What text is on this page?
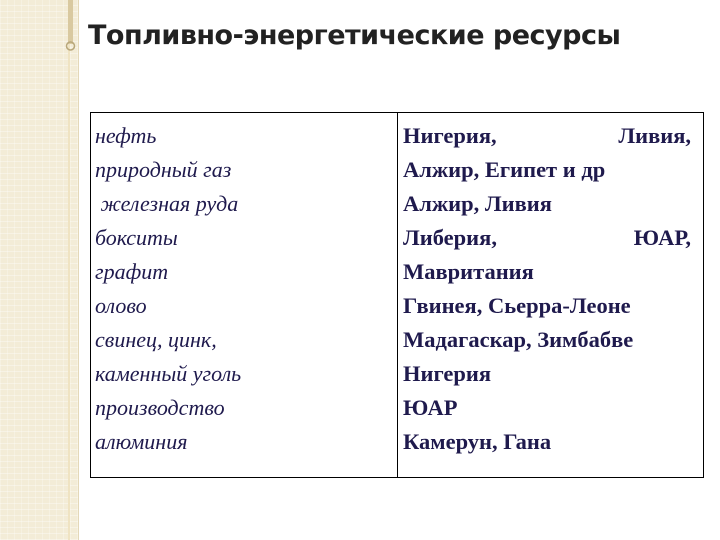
Топливно-энергетические ресурсы
нефть
природный газ
железная руда
бокситы
графит
олово
свинец, цинк,
каменный уголь
производство
алюминия
Нигерия,	Ливия,
Алжир, Египет и др
Алжир, Ливия
Либерия,	ЮАР,
Мавритания
Гвинея, Сьерра-Леоне
Мадагаскар, Зимбабве
Нигерия
ЮАР
Камерун, Гана
